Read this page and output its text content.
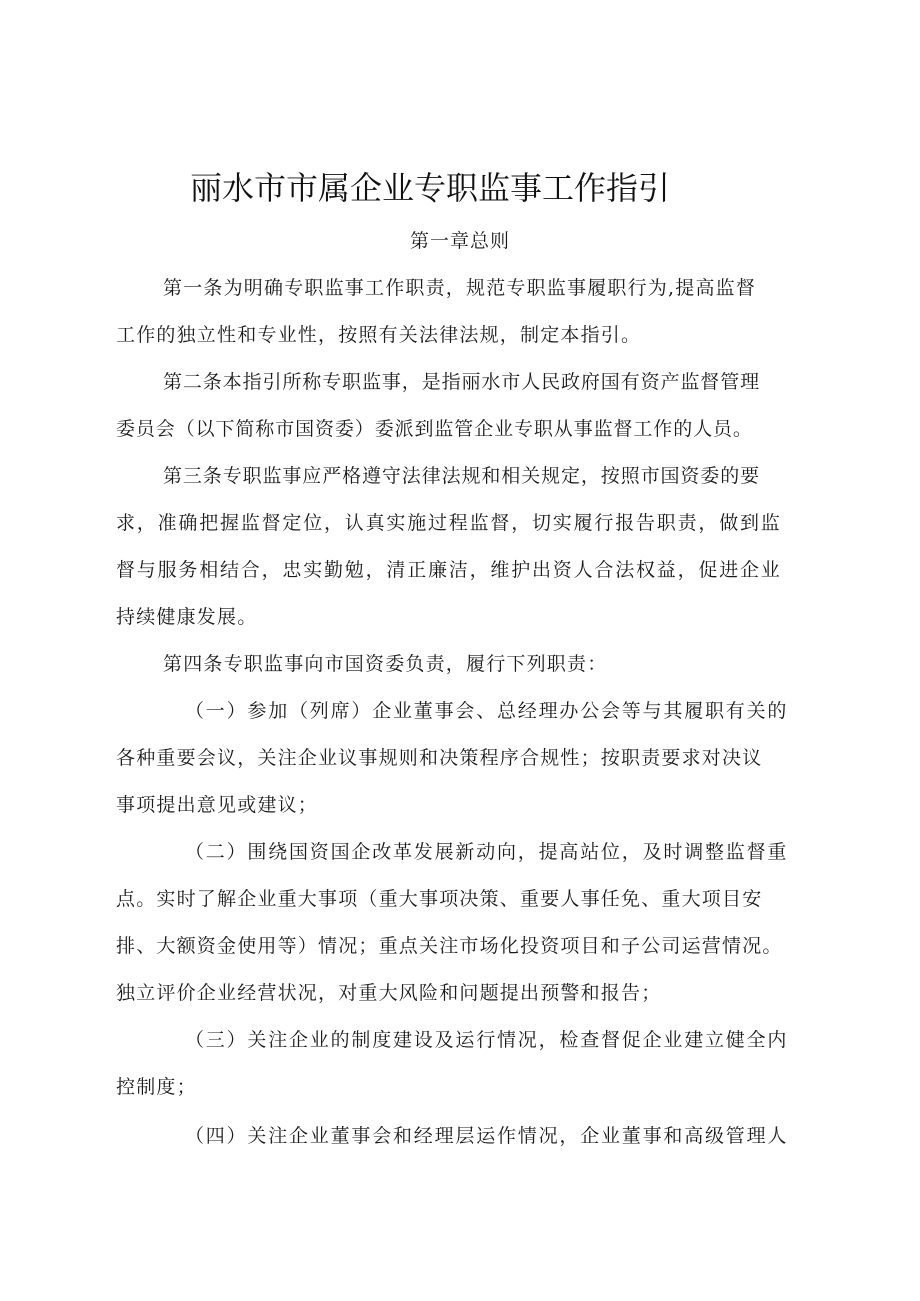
丽水市市属企业专职监事工作指引
第一章总则
第一条为明确专职监事工作职责，规范专职监事履职行为,提高监督
工作的独立性和专业性，按照有关法律法规，制定本指引。
第二条本指引所称专职监事，是指丽水市人民政府国有资产监督管理
委员会（以下简称市国资委）委派到监管企业专职从事监督工作的人员。
第三条专职监事应严格遵守法律法规和相关规定，按照市国资委的要
求，准确把握监督定位，认真实施过程监督，切实履行报告职责，做到监
督与服务相结合，忠实勤勉，清正廉洁，维护出资人合法权益，促进企业
持续健康发展。
第四条专职监事向市国资委负责，履行下列职责：
（一）参加（列席）企业董事会、总经理办公会等与其履职有关的
各种重要会议，关注企业议事规则和决策程序合规性；按职责要求对决议
事项提出意见或建议；
（二）围绕国资国企改革发展新动向，提高站位，及时调整监督重
点。实时了解企业重大事项（重大事项决策、重要人事任免、重大项目安
排、大额资金使用等）情况；重点关注市场化投资项目和子公司运营情况。
独立评价企业经营状况，对重大风险和问题提出预警和报告；
（三）关注企业的制度建设及运行情况，检查督促企业建立健全内
控制度；
（四）关注企业董事会和经理层运作情况，企业董事和高级管理人
